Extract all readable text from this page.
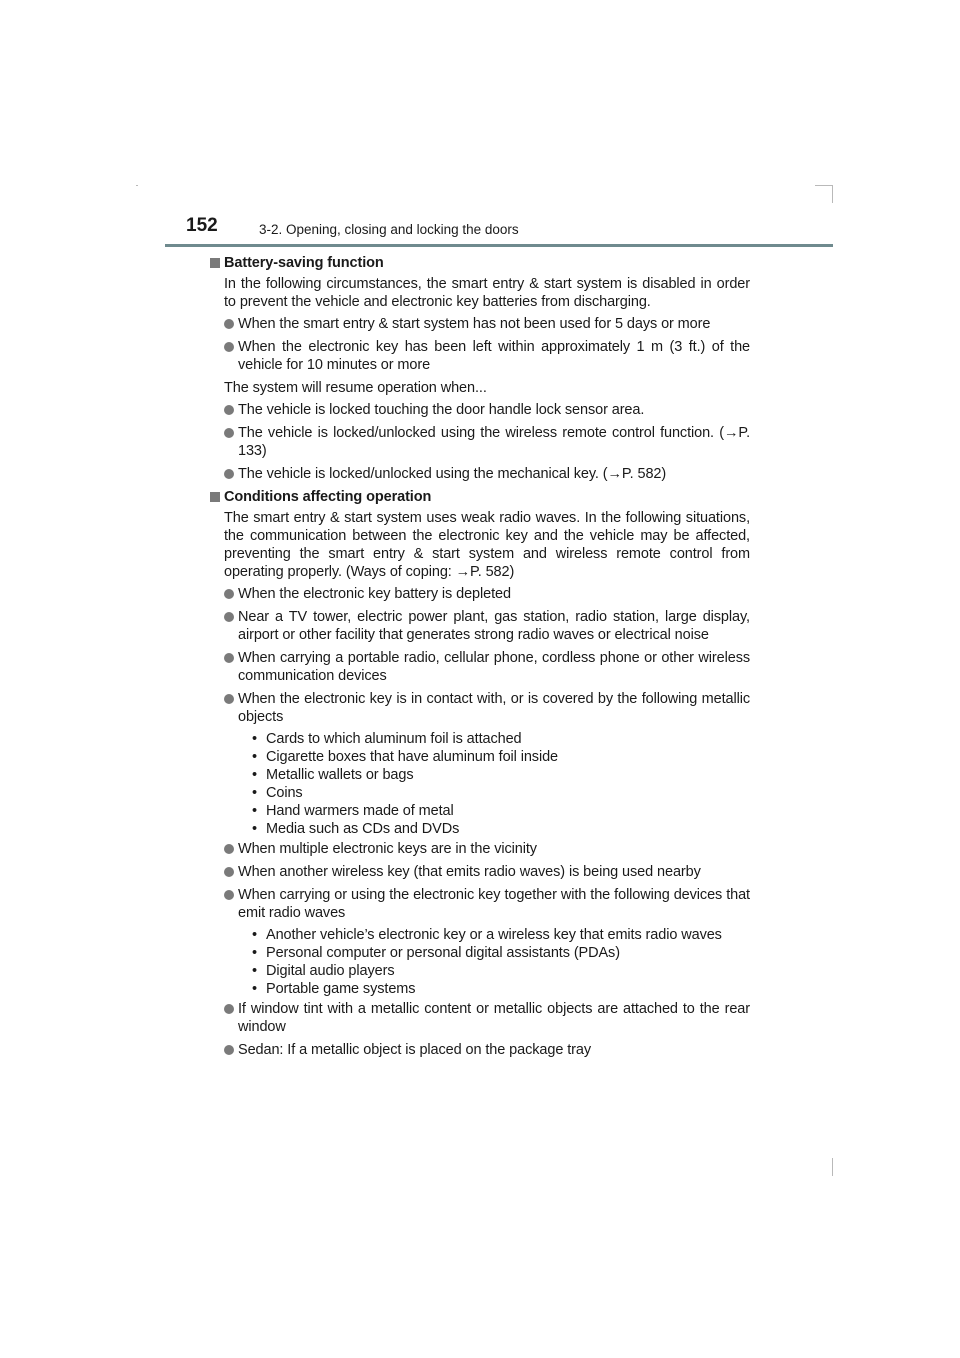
152	3-2. Opening, closing and locking the doors
Battery-saving function
In the following circumstances, the smart entry & start system is disabled in order to prevent the vehicle and electronic key batteries from discharging.
When the smart entry & start system has not been used for 5 days or more
When the electronic key has been left within approximately 1 m (3 ft.) of the vehicle for 10 minutes or more
The system will resume operation when...
The vehicle is locked touching the door handle lock sensor area.
The vehicle is locked/unlocked using the wireless remote control function. (→P. 133)
The vehicle is locked/unlocked using the mechanical key. (→P. 582)
Conditions affecting operation
The smart entry & start system uses weak radio waves. In the following situations, the communication between the electronic key and the vehicle may be affected, preventing the smart entry & start system and wireless remote control from operating properly. (Ways of coping: →P. 582)
When the electronic key battery is depleted
Near a TV tower, electric power plant, gas station, radio station, large display, airport or other facility that generates strong radio waves or electrical noise
When carrying a portable radio, cellular phone, cordless phone or other wireless communication devices
When the electronic key is in contact with, or is covered by the following metallic objects
• Cards to which aluminum foil is attached
• Cigarette boxes that have aluminum foil inside
• Metallic wallets or bags
• Coins
• Hand warmers made of metal
• Media such as CDs and DVDs
When multiple electronic keys are in the vicinity
When another wireless key (that emits radio waves) is being used nearby
When carrying or using the electronic key together with the following devices that emit radio waves
• Another vehicle’s electronic key or a wireless key that emits radio waves
• Personal computer or personal digital assistants (PDAs)
• Digital audio players
• Portable game systems
If window tint with a metallic content or metallic objects are attached to the rear window
Sedan: If a metallic object is placed on the package tray
